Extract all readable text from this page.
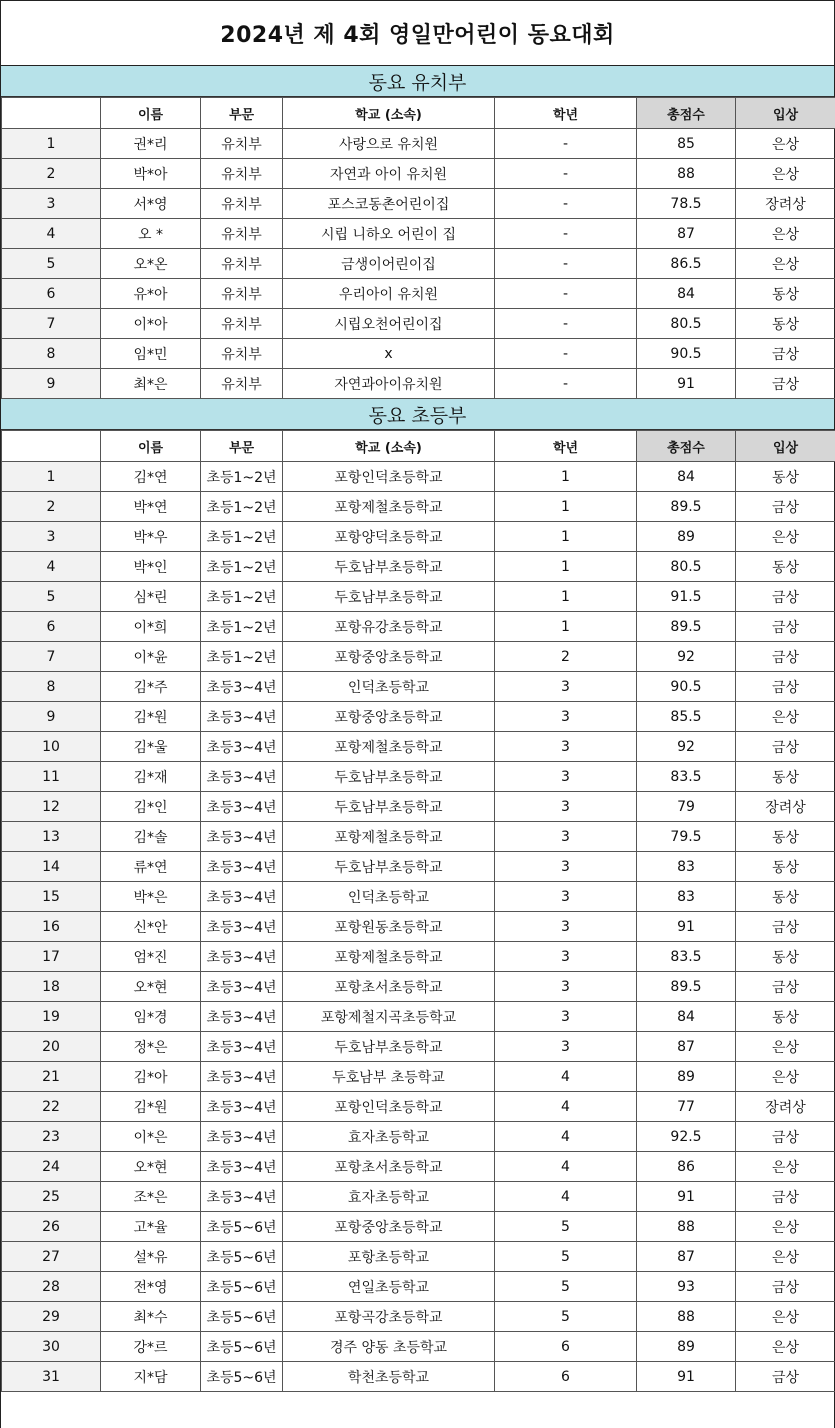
2024년 제 4회 영일만어린이 동요대회
동요 유치부
	이름	부문	학교 (소속)	학년	총점수	입상
1	권*리	유치부	사랑으로 유치원	-	85	은상
2	박*아	유치부	자연과 아이 유치원	-	88	은상
3	서*영	유치부	포스코동촌어린이집	-	78.5	장려상
4	오 *	유치부	시립 니하오 어린이 집	-	87	은상
5	오*온	유치부	금생이어린이집	-	86.5	은상
6	유*아	유치부	우리아이 유치원	-	84	동상
7	이*아	유치부	시립오천어린이집	-	80.5	동상
8	임*민	유치부	x	-	90.5	금상
9	최*은	유치부	자연과아이유치원	-	91	금상
동요 초등부
	이름	부문	학교 (소속)	학년	총점수	입상
1	김*연	초등1~2년	포항인덕초등학교	1	84	동상
2	박*연	초등1~2년	포항제철초등학교	1	89.5	금상
3	박*우	초등1~2년	포항양덕초등학교	1	89	은상
4	박*인	초등1~2년	두호남부초등학교	1	80.5	동상
5	심*린	초등1~2년	두호남부초등학교	1	91.5	금상
6	이*희	초등1~2년	포항유강초등학교	1	89.5	금상
7	이*윤	초등1~2년	포항중앙초등학교	2	92	금상
8	김*주	초등3~4년	인덕초등학교	3	90.5	금상
9	김*원	초등3~4년	포항중앙초등학교	3	85.5	은상
10	김*울	초등3~4년	포항제철초등학교	3	92	금상
11	김*재	초등3~4년	두호남부초등학교	3	83.5	동상
12	김*인	초등3~4년	두호남부초등학교	3	79	장려상
13	김*솔	초등3~4년	포항제철초등학교	3	79.5	동상
14	류*연	초등3~4년	두호남부초등학교	3	83	동상
15	박*은	초등3~4년	인덕초등학교	3	83	동상
16	신*안	초등3~4년	포항원동초등학교	3	91	금상
17	엄*진	초등3~4년	포항제철초등학교	3	83.5	동상
18	오*현	초등3~4년	포항초서초등학교	3	89.5	금상
19	임*경	초등3~4년	포항제철지곡초등학교	3	84	동상
20	정*은	초등3~4년	두호남부초등학교	3	87	은상
21	김*아	초등3~4년	두호남부 초등학교	4	89	은상
22	김*원	초등3~4년	포항인덕초등학교	4	77	장려상
23	이*은	초등3~4년	효자초등학교	4	92.5	금상
24	오*현	초등3~4년	포항초서초등학교	4	86	은상
25	조*은	초등3~4년	효자초등학교	4	91	금상
26	고*율	초등5~6년	포항중앙초등학교	5	88	은상
27	설*유	초등5~6년	포항초등학교	5	87	은상
28	전*영	초등5~6년	연일초등학교	5	93	금상
29	최*수	초등5~6년	포항곡강초등학교	5	88	은상
30	강*르	초등5~6년	경주 양동 초등학교	6	89	은상
31	지*담	초등5~6년	학천초등학교	6	91	금상
